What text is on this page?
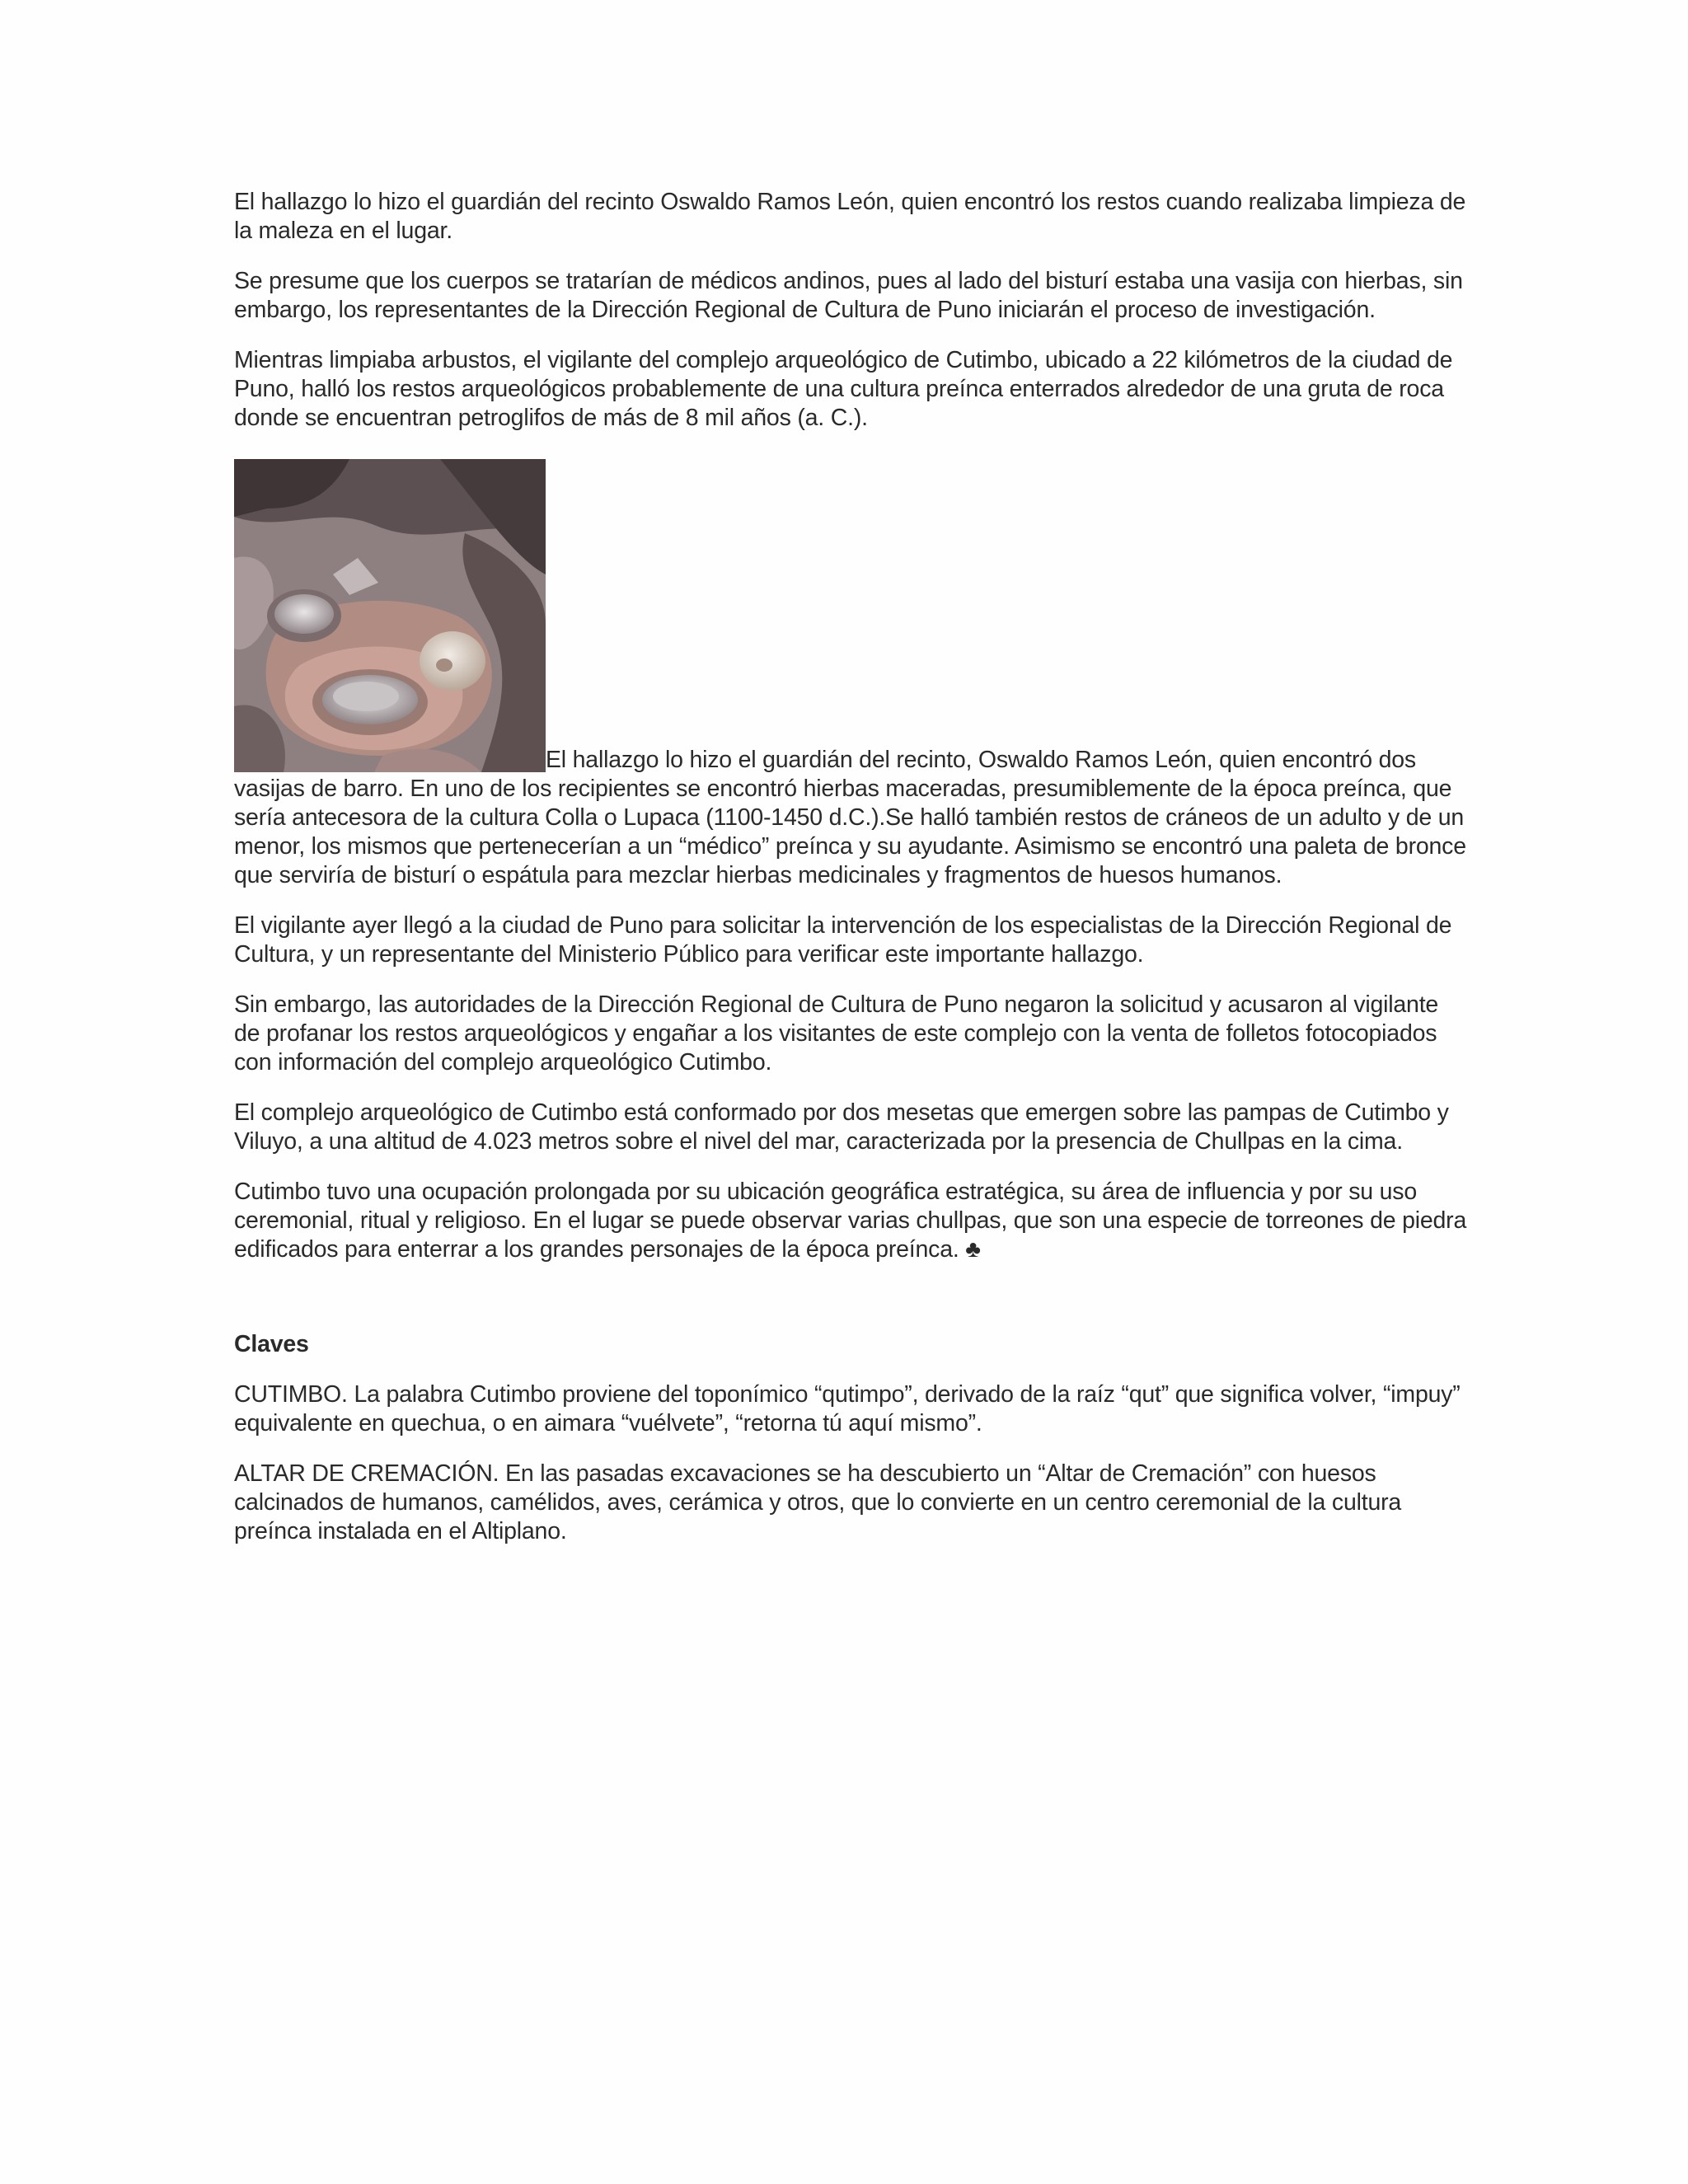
El hallazgo lo hizo el guardián del recinto Oswaldo Ramos León, quien encontró los restos cuando realizaba limpieza de la maleza en el lugar.

Se presume que los cuerpos se tratarían de médicos andinos, pues al lado del bisturí estaba una vasija con hierbas, sin embargo, los representantes de la Dirección Regional de Cultura de Puno iniciarán el proceso de investigación.

Mientras limpiaba arbustos, el vigilante del complejo arqueológico de Cutimbo, ubicado a 22 kilómetros de la ciudad de Puno, halló los restos arqueológicos probablemente de una cultura preínca enterrados alrededor de una gruta de roca donde se encuentran petroglifos de más de 8 mil años (a. C.).

El hallazgo lo hizo el guardián del recinto, Oswaldo Ramos León, quien encontró dos vasijas de barro. En uno de los recipientes se encontró hierbas maceradas, presumiblemente de la época preínca, que sería antecesora de la cultura Colla o Lupaca (1100-1450 d.C.).Se halló también restos de cráneos de un adulto y de un menor, los mismos que pertenecerían a un “médico” preínca y su ayudante. Asimismo se encontró una paleta de bronce que serviría de bisturí o espátula para mezclar hierbas medicinales y fragmentos de huesos humanos.

El vigilante ayer llegó a la ciudad de Puno para solicitar la intervención de los especialistas de la Dirección Regional de Cultura, y un representante del Ministerio Público para verificar este importante hallazgo.

Sin embargo, las autoridades de la Dirección Regional de Cultura de Puno negaron la solicitud y acusaron al vigilante de profanar los restos arqueológicos y engañar a los visitantes de este complejo con la venta de folletos fotocopiados con información del complejo arqueológico Cutimbo.

El complejo arqueológico de Cutimbo está conformado por dos mesetas que emergen sobre las pampas de Cutimbo y Viluyo, a una altitud de 4.023 metros sobre el nivel del mar, caracterizada por la presencia de Chullpas en la cima.

Cutimbo tuvo una ocupación prolongada por su ubicación geográfica estratégica, su área de influencia y por su uso ceremonial, ritual y religioso. En el lugar se puede observar varias chullpas, que son una especie de torreones de piedra edificados para enterrar a los grandes personajes de la época preínca. ♣

Claves

CUTIMBO. La palabra Cutimbo proviene del toponímico “qutimpo”, derivado de la raíz “qut” que significa volver, “impuy” equivalente en quechua, o en aimara “vuélvete”, “retorna tú aquí mismo”.

ALTAR DE CREMACIÓN. En las pasadas excavaciones se ha descubierto un “Altar de Cremación” con huesos calcinados de humanos, camélidos, aves, cerámica y otros, que lo convierte en un centro ceremonial de la cultura preínca instalada en el Altiplano.
